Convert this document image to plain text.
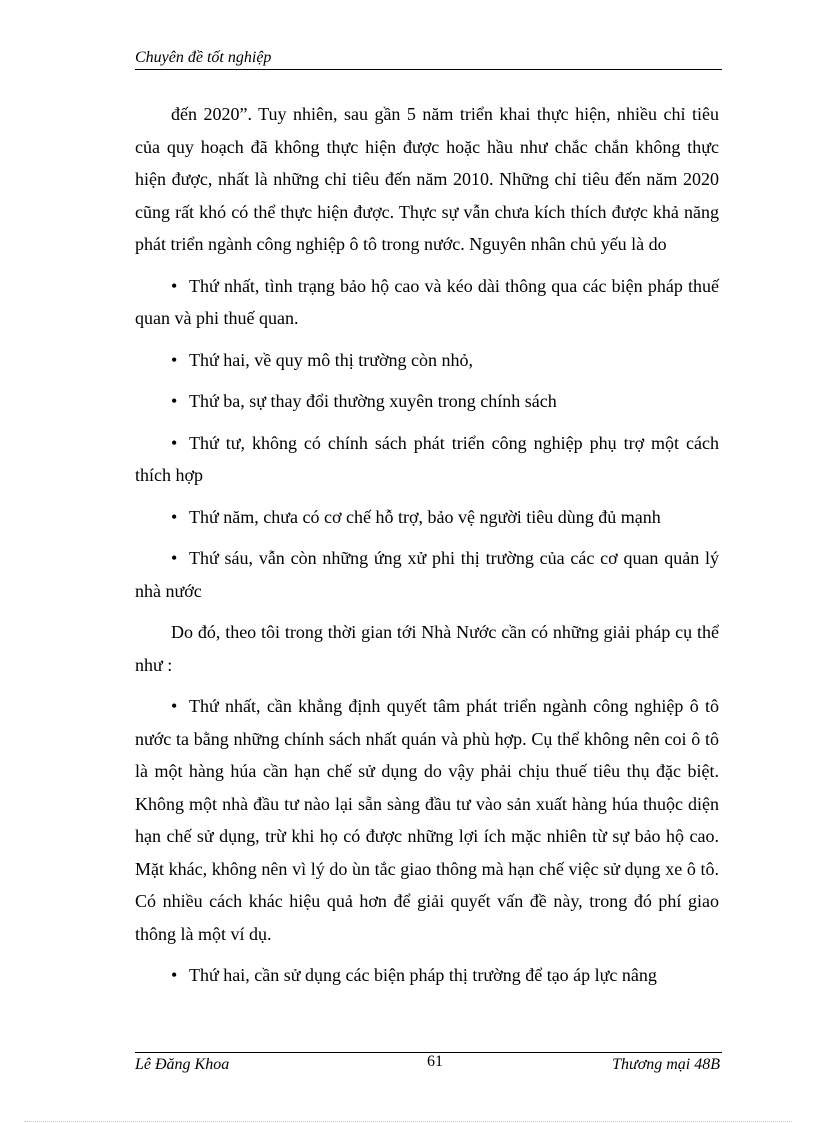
Chuyên đề tốt nghiệp

đến 2020”. Tuy nhiên, sau gần 5 năm triển khai thực hiện, nhiều chỉ tiêu của quy hoạch đã không thực hiện được hoặc hầu như chắc chắn không thực hiện được, nhất là những chỉ tiêu đến năm 2010. Những chỉ tiêu đến năm 2020 cũng rất khó có thể thực hiện được. Thực sự vẫn chưa kích thích được khả năng phát triển ngành công nghiệp ô tô trong nước. Nguyên nhân chủ yếu là do

• Thứ nhất, tình trạng bảo hộ cao và kéo dài thông qua các biện pháp thuế quan và phi thuế quan.

• Thứ hai, về quy mô thị trường còn nhỏ,

• Thứ ba, sự thay đổi thường xuyên trong chính sách

• Thứ tư, không có chính sách phát triển công nghiệp phụ trợ một cách thích hợp

• Thứ năm, chưa có cơ chế hỗ trợ, bảo vệ người tiêu dùng đủ mạnh

• Thứ sáu, vẫn còn những ứng xử phi thị trường của các cơ quan quản lý nhà nước

Do đó, theo tôi trong thời gian tới Nhà Nước cần có những giải pháp cụ thể như :

• Thứ nhất, cần khẳng định quyết tâm phát triển ngành công nghiệp ô tô nước ta bằng những chính sách nhất quán và phù hợp. Cụ thể không nên coi ô tô là một hàng húa cần hạn chế sử dụng do vậy phải chịu thuế tiêu thụ đặc biệt. Không một nhà đầu tư nào lại sẵn sàng đầu tư vào sản xuất hàng húa thuộc diện hạn chế sử dụng, trừ khi họ có được những lợi ích mặc nhiên từ sự bảo hộ cao. Mặt khác, không nên vì lý do ùn tắc giao thông mà hạn chế việc sử dụng xe ô tô. Có nhiều cách khác hiệu quả hơn để giải quyết vấn đề này, trong đó phí giao thông là một ví dụ.

• Thứ hai, cần sử dụng các biện pháp thị trường để tạo áp lực nâng

Lê Đăng Khoa	61	Thương mại 48B
